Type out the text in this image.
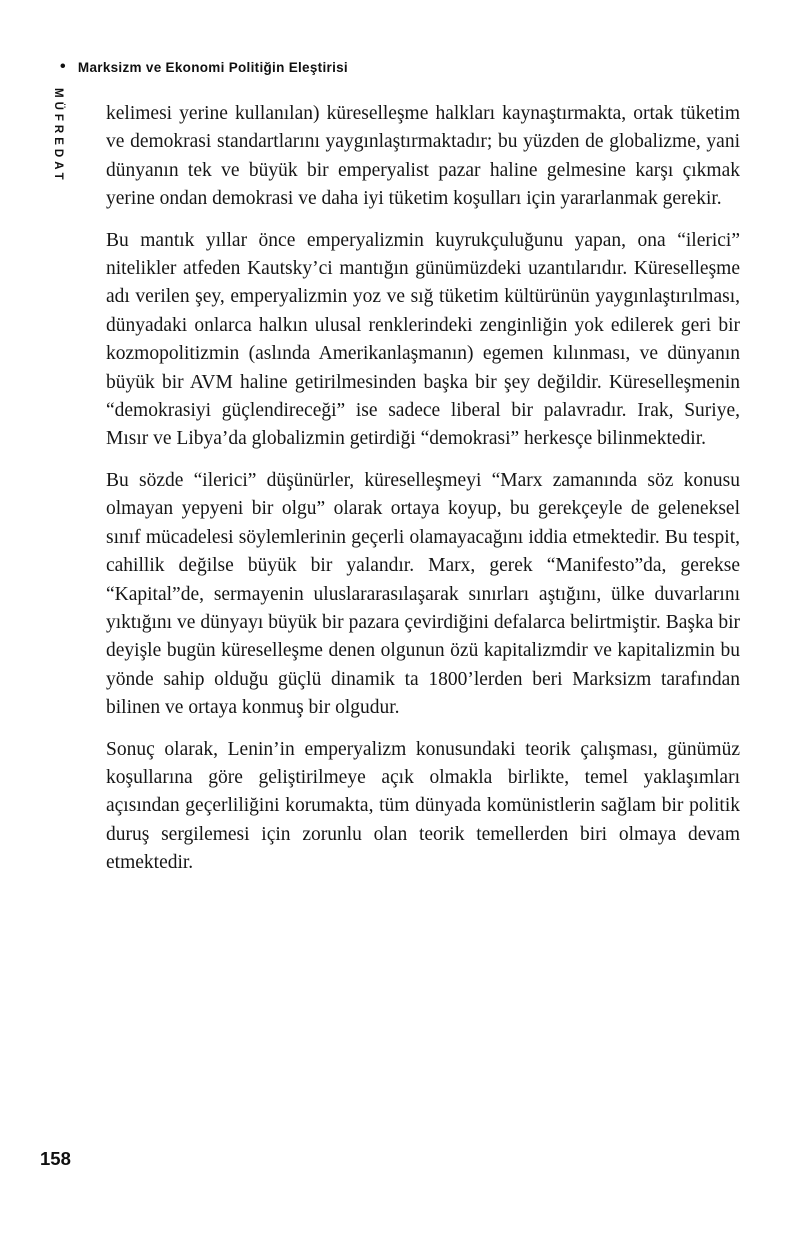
• Marksizm ve Ekonomi Politiğin Eleştirisi
MÜFREDAT kelimesi yerine kullanılan) küreselleşme halkları kaynaştırmakta, ortak tüketim ve demokrasi standartlarını yaygınlaştırmaktadır; bu yüzden de globalizme, yani dünyanın tek ve büyük bir emperyalist pazar haline gelmesine karşı çıkmak yerine ondan demokrasi ve daha iyi tüketim koşulları için yararlanmak gerekir.

Bu mantık yıllar önce emperyalizmin kuyrukçuluğunu yapan, ona “ilerici” nitelikler atfeden Kautsky’ci mantığın günümüzdeki uzantılarıdır. Küreselleşme adı verilen şey, emperyalizmin yoz ve sığ tüketim kültürünün yaygınlaştırılması, dünyadaki onlarca halkın ulusal renklerindeki zenginliğin yok edilerek geri bir kozmopolitizmin (aslında Amerikanlaşmanın) egemen kılınması, ve dünyanın büyük bir AVM haline getirilmesinden başka bir şey değildir. Küreselleşmenin “demokrasiyi güçlendireceği” ise sadece liberal bir palavradır. Irak, Suriye, Mısır ve Libya’da globalizmin getirdiği “demokrasi” herkesçe bilinmektedir.

Bu sözde “ilerici” düşünürler, küreselleşmeyi “Marx zamanında söz konusu olmayan yepyeni bir olgu” olarak ortaya koyup, bu gerekçeyle de geleneksel sınıf mücadelesi söylemlerinin geçerli olamayacağını iddia etmektedir. Bu tespit, cahillik değilse büyük bir yalandır. Marx, gerek “Manifesto”da, gerekse “Kapital”de, sermayenin uluslararasılaşarak sınırları aştığını, ülke duvarlarını yıktığını ve dünyayı büyük bir pazara çevirdiğini defalarca belirtmiştir. Başka bir deyişle bugün küreselleşme denen olgunun özü kapitalizmdir ve kapitalizmin bu yönde sahip olduğu güçlü dinamik ta 1800’lerden beri Marksizm tarafından bilinen ve ortaya konmuş bir olgudur.

Sonuç olarak, Lenin’in emperyalizm konusundaki teorik çalışması, günümüz koşullarına göre geliştirilmeye açık olmakla birlikte, temel yaklaşımları açısından geçerliliğini korumakta, tüm dünyada komünistlerin sağlam bir politik duruş sergilemesi için zorunlu olan teorik temellerden biri olmaya devam etmektedir.

158
